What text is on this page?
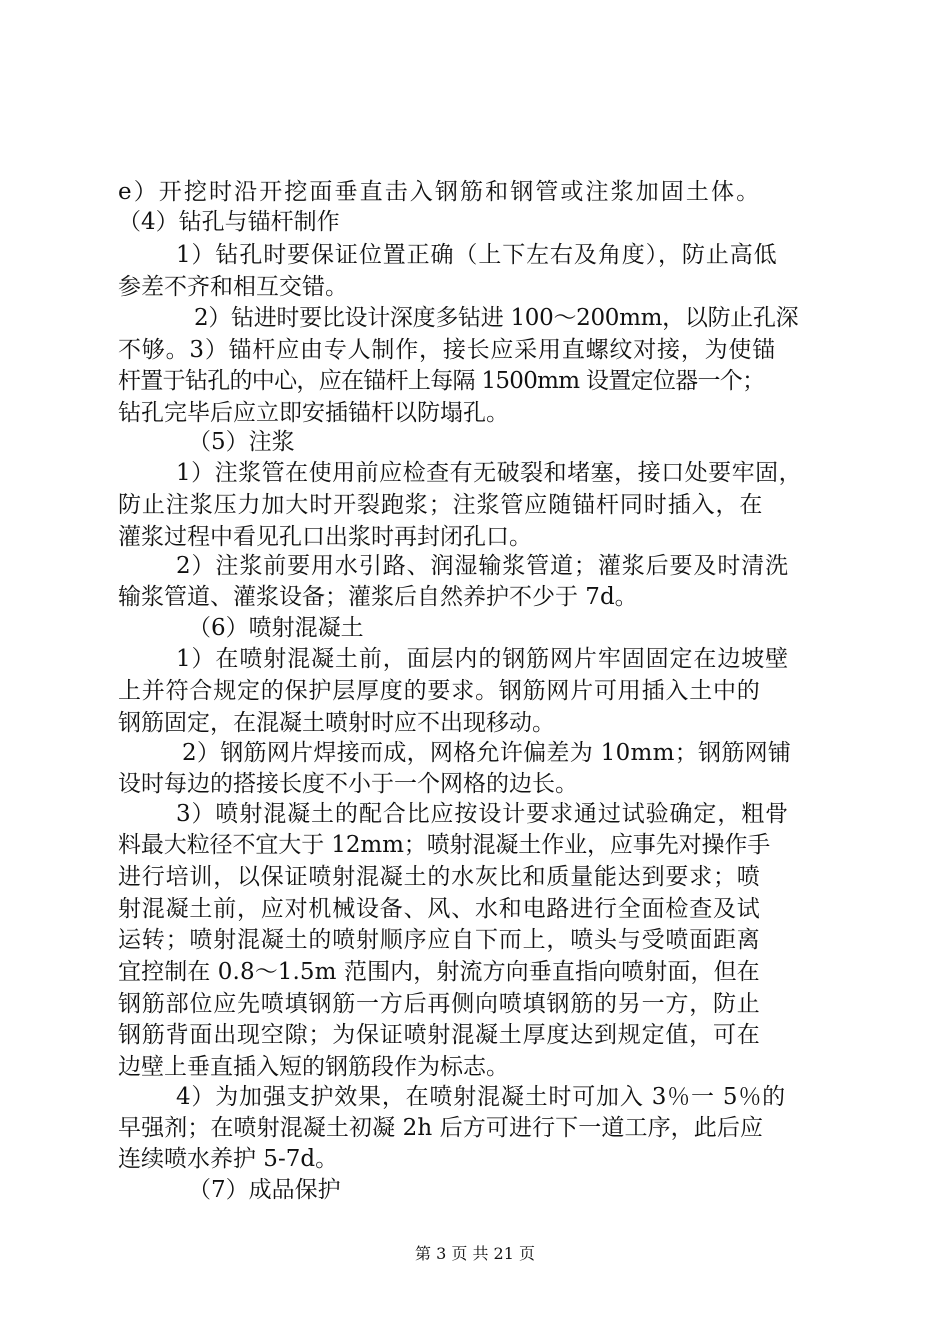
e）开挖时沿开挖面垂直击入钢筋和钢管或注浆加固土体。
（4）钻孔与锚杆制作
1）钻孔时要保证位置正确（上下左右及角度），防止高低
参差不齐和相互交错。
2）钻进时要比设计深度多钻进 100～200mm，以防止孔深
不够。3）锚杆应由专人制作，接长应采用直螺纹对接，为使锚
杆置于钻孔的中心，应在锚杆上每隔 1500mm 设置定位器一个；
钻孔完毕后应立即安插锚杆以防塌孔。
（5）注浆
1）注浆管在使用前应检查有无破裂和堵塞，接口处要牢固，
防止注浆压力加大时开裂跑浆；注浆管应随锚杆同时插入，在
灌浆过程中看见孔口出浆时再封闭孔口。
2）注浆前要用水引路、润湿输浆管道；灌浆后要及时清洗
输浆管道、灌浆设备；灌浆后自然养护不少于 7d。
（6）喷射混凝土
1）在喷射混凝土前，面层内的钢筋网片牢固固定在边坡壁
上并符合规定的保护层厚度的要求。钢筋网片可用插入土中的
钢筋固定，在混凝土喷射时应不出现移动。
2）钢筋网片焊接而成，网格允许偏差为 10mm；钢筋网铺
设时每边的搭接长度不小于一个网格的边长。
3）喷射混凝土的配合比应按设计要求通过试验确定，粗骨
料最大粒径不宜大于 12mm；喷射混凝土作业，应事先对操作手
进行培训，以保证喷射混凝土的水灰比和质量能达到要求；喷
射混凝土前，应对机械设备、风、水和电路进行全面检查及试
运转；喷射混凝土的喷射顺序应自下而上，喷头与受喷面距离
宜控制在 0.8～1.5m 范围内，射流方向垂直指向喷射面，但在
钢筋部位应先喷填钢筋一方后再侧向喷填钢筋的另一方，防止
钢筋背面出现空隙；为保证喷射混凝土厚度达到规定值，可在
边壁上垂直插入短的钢筋段作为标志。
4）为加强支护效果，在喷射混凝土时可加入 3％一 5％的
早强剂；在喷射混凝土初凝 2h 后方可进行下一道工序，此后应
连续喷水养护 5-7d。
（7）成品保护
第 3 页 共 21 页
